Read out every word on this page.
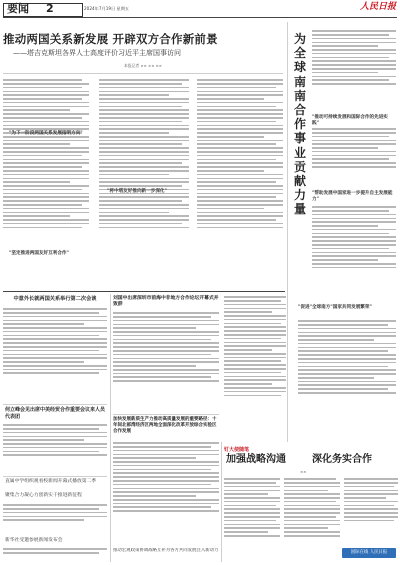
要闻 2	2024年7月19日 星期五	人民日报
推动两国关系新发展 开辟双方合作新前景
——塔吉克斯坦各界人士高度评价习近平主席国事访问
本报记者 ×× ×× ××
"为下一阶段两国关系发展指明方向"
"坚定推进两国友好互利合作"
"将中塔友好推向新一步深化"
为全球南南合作事业贡献力量
"推动可持续发展和国际合作的先进实践"
"帮助发展中国家进一步提升自主发展能力"
"促进"全球南方"国家共同发展繁荣"
中意外长就两国关系举行第二次会谈
何立峰会见出席中美经贸合作重要会议来人员代表团
直属中学组织观看校新闻开幕式播放第二季
聚集合力凝心力创新实干推进新征程
新华社受邀参展新闻发布会
刘国中出席深圳市前海中非地方合作论坛开幕式并致辞
加快发展新质生产力推动高质量发展的重要路径：十年间北部湾经济区两地全面深化改革开放综合实验区合作发展
推动宏观政策协调战略互补为各方共同发展注入新动力
钉大使随笔
加强战略沟通	深化务实合作
××
国际在线 人民日报
